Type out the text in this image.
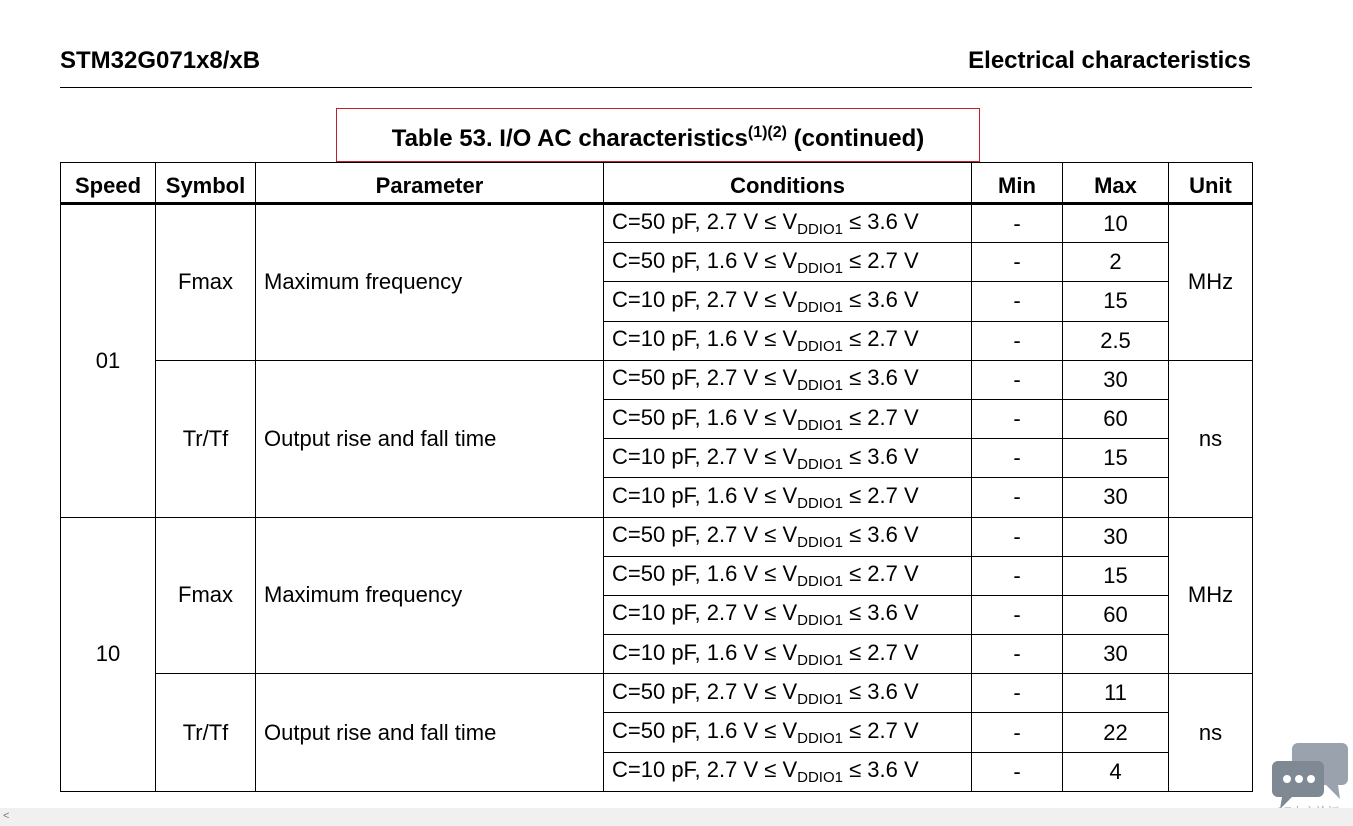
STM32G071x8/xB	Electrical characteristics
Table 53. I/O AC characteristics$^{(1)(2)}$ (continued)
Speed	Symbol	Parameter	Conditions	Min	Max	Unit
01	Fmax	Maximum frequency	C=50 pF, 2.7 $V \le V_{DDIO1} \le 3.6$ V	-	10	MHz
			C=50 pF, 1.6 $V \le V_{DDIO1} \le 2.7$ V	-	2	
			C=10 pF, 2.7 $V \le V_{DDIO1} \le 3.6$ V	-	15	
			C=10 pF, 1.6 $V \le V_{DDIO1} \le 2.7$ V	-	2.5	
	Tr/Tf	Output rise and fall time	C=50 pF, 2.7 $V \le V_{DDIO1} \le 3.6$ V	-	30	ns
			C=50 pF, 1.6 $V \le V_{DDIO1} \le 2.7$ V	-	60	
			C=10 pF, 2.7 $V \le V_{DDIO1} \le 3.6$ V	-	15	
			C=10 pF, 1.6 $V \le V_{DDIO1} \le 2.7$ V	-	30	
10	Fmax	Maximum frequency	C=50 pF, 2.7 $V \le V_{DDIO1} \le 3.6$ V	-	30	MHz
			C=50 pF, 1.6 $V \le V_{DDIO1} \le 2.7$ V	-	15	
			C=10 pF, 2.7 $V \le V_{DDIO1} \le 3.6$ V	-	60	
			C=10 pF, 1.6 $V \le V_{DDIO1} \le 2.7$ V	-	30	
	Tr/Tf	Output rise and fall time	C=50 pF, 2.7 $V \le V_{DDIO1} \le 3.6$ V	-	11	ns
			C=50 pF, 1.6 $V \le V_{DDIO1} \le 2.7$ V	-	22	
			C=10 pF, 2.7 $V \le V_{DDIO1} \le 3.6$ V	-	4	
<
